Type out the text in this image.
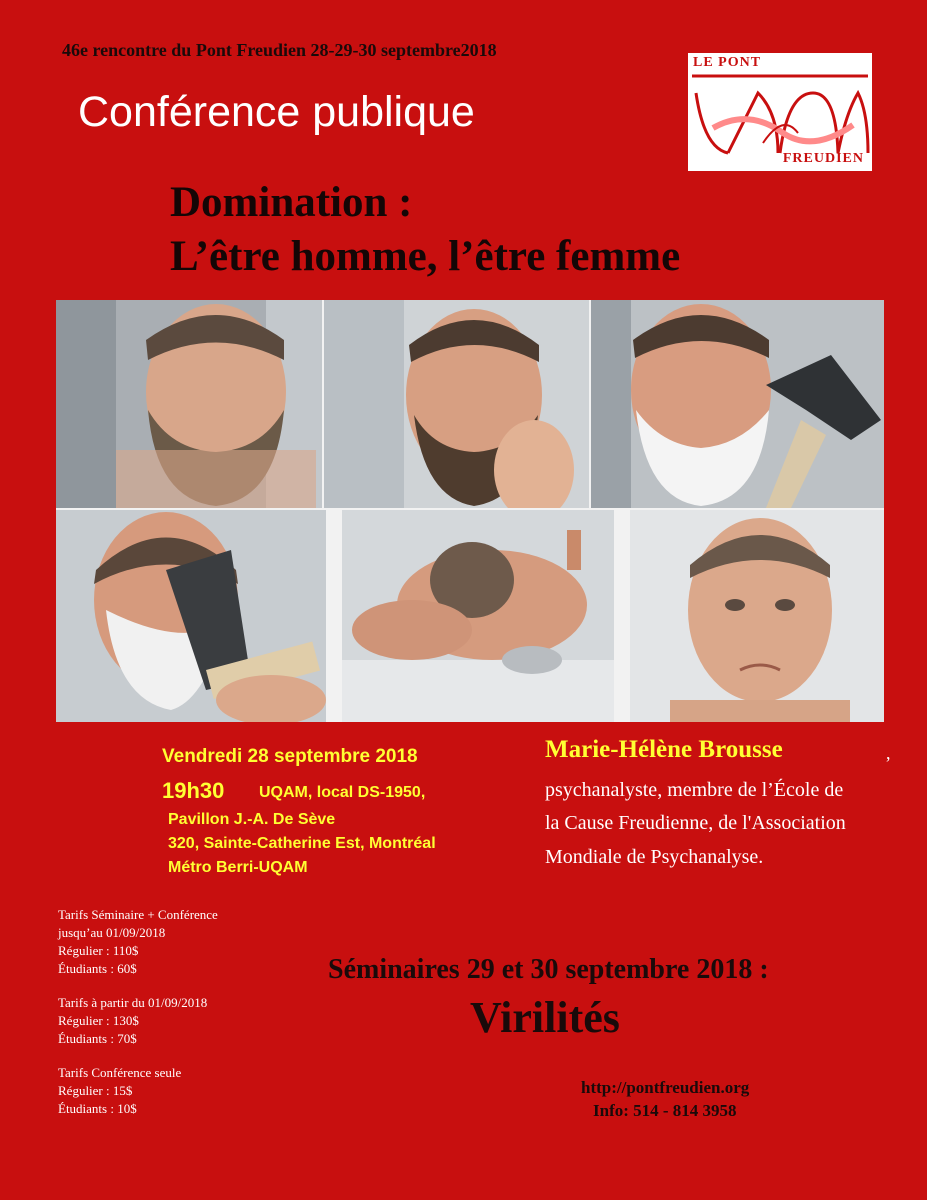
46e rencontre du Pont Freudien 28-29-30 septembre2018
Conférence publique
Domination :
L’être homme, l’être femme
LE PONT
FREUDIEN
Vendredi 28 septembre 2018
19h30 UQAM, local DS-1950,
Pavillon J.-A. De Sève
320, Sainte-Catherine Est, Montréal
Métro Berri-UQAM
Marie-Hélène Brousse	,
psychanalyste, membre de l’École de
la Cause Freudienne, de l'Association
Mondiale de Psychanalyse.
Tarifs Séminaire + Conférence
jusqu’au 01/09/2018
Régulier : 110$
Étudiants : 60$
Tarifs à partir du 01/09/2018
Régulier : 130$
Étudiants : 70$
Tarifs Conférence seule
Régulier : 15$
Étudiants : 10$
Séminaires 29 et 30 septembre 2018 :
Virilités
http://pontfreudien.org
Info: 514 - 814 3958
